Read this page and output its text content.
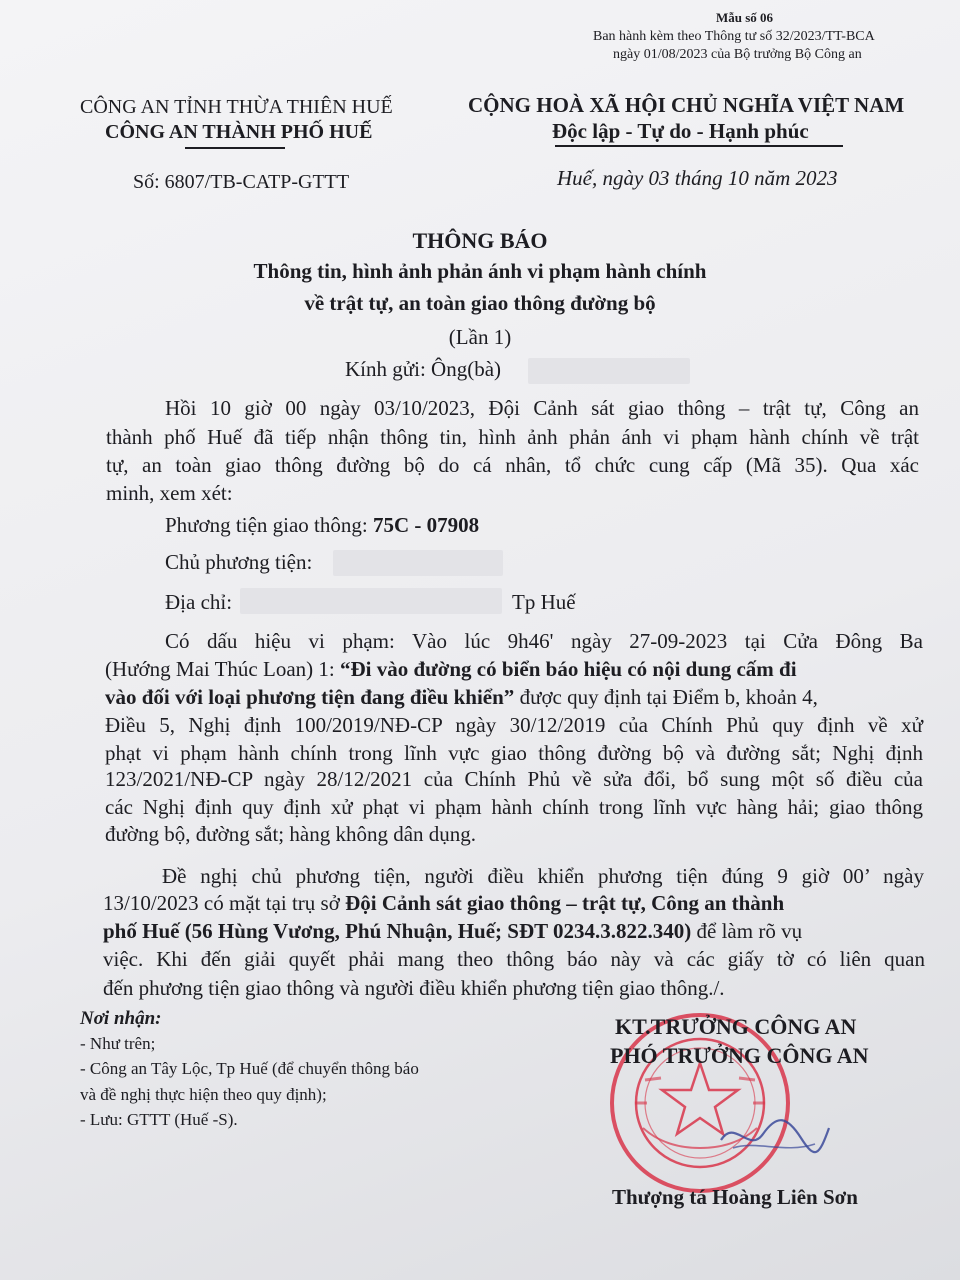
Mẫu số 06
Ban hành kèm theo Thông tư số 32/2023/TT-BCA
ngày 01/08/2023 của Bộ trưởng Bộ Công an
CÔNG AN TỈNH THỪA THIÊN HUẾ
CÔNG AN THÀNH PHỐ HUẾ
Số: 6807/TB-CATP-GTTT
CỘNG HOÀ XÃ HỘI CHỦ NGHĨA VIỆT NAM
Độc lập - Tự do - Hạnh phúc
Huế, ngày 03 tháng 10 năm 2023
THÔNG BÁO
Thông tin, hình ảnh phản ánh vi phạm hành chính
về trật tự, an toàn giao thông đường bộ
(Lần 1)
Kính gửi: Ông(bà)
Hồi 10 giờ 00 ngày 03/10/2023, Đội Cảnh sát giao thông – trật tự, Công an
thành phố Huế đã tiếp nhận thông tin, hình ảnh phản ánh vi phạm hành chính về trật
tự, an toàn giao thông đường bộ do cá nhân, tổ chức cung cấp (Mã 35). Qua xác
minh, xem xét:
Phương tiện giao thông: 75C - 07908
Chủ phương tiện:
Địa chỉ:	Tp Huế
Có dấu hiệu vi phạm: Vào lúc 9h46' ngày 27-09-2023 tại Cửa Đông Ba
(Hướng Mai Thúc Loan) 1: “Đi vào đường có biển báo hiệu có nội dung cấm đi
vào đối với loại phương tiện đang điều khiển” được quy định tại Điểm b, khoản 4,
Điều 5, Nghị định 100/2019/NĐ-CP ngày 30/12/2019 của Chính Phủ quy định về xử
phạt vi phạm hành chính trong lĩnh vực giao thông đường bộ và đường sắt; Nghị định
123/2021/NĐ-CP ngày 28/12/2021 của Chính Phủ về sửa đổi, bổ sung một số điều của
các Nghị định quy định xử phạt vi phạm hành chính trong lĩnh vực hàng hải; giao thông
đường bộ, đường sắt; hàng không dân dụng.
Đề nghị chủ phương tiện, người điều khiển phương tiện đúng 9 giờ 00’ ngày
13/10/2023 có mặt tại trụ sở Đội Cảnh sát giao thông – trật tự, Công an thành
phố Huế (56 Hùng Vương, Phú Nhuận, Huế; SĐT 0234.3.822.340) để làm rõ vụ
việc. Khi đến giải quyết phải mang theo thông báo này và các giấy tờ có liên quan
đến phương tiện giao thông và người điều khiển phương tiện giao thông./.
Nơi nhận:
- Như trên;
- Công an Tây Lộc, Tp Huế (để chuyển thông báo
và đề nghị thực hiện theo quy định);
- Lưu: GTTT (Huế -S).
KT.TRƯỞNG CÔNG AN
PHÓ TRƯỞNG CÔNG AN
Thượng tá Hoàng Liên Sơn
